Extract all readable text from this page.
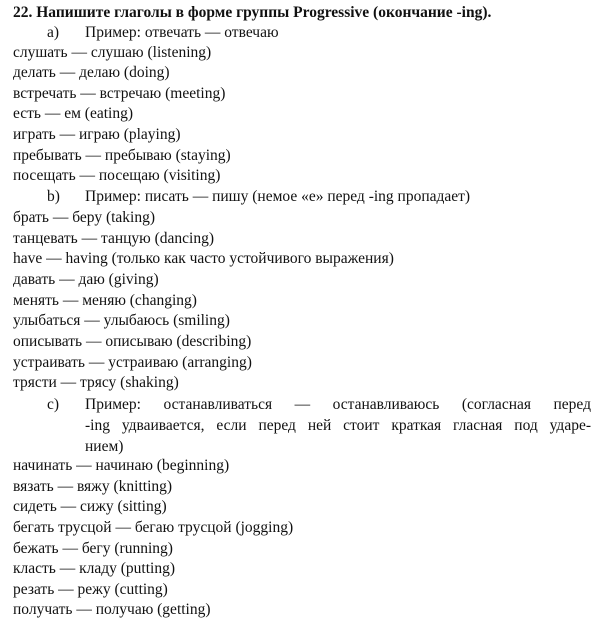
22. Напишите глаголы в форме группы Progressive (окончание -ing).
a) Пример: отвечать — отвечаю
слушать — слушаю (listening)
делать — делаю (doing)
встречать — встречаю (meeting)
есть — ем (eating)
играть — играю (playing)
пребывать — пребываю (staying)
посещать — посещаю (visiting)
b) Пример: писать — пишу (немое «e» перед -ing пропадает)
брать — беру (taking)
танцевать — танцую (dancing)
have — having (только как часто устойчивого выражения)
давать — даю (giving)
менять — меняю (changing)
улыбаться — улыбаюсь (smiling)
описывать — описываю (describing)
устраивать — устраиваю (arranging)
трясти — трясу (shaking)
c) Пример: останавливаться — останавливаюсь (согласная перед
-ing удваивается, если перед ней стоит краткая гласная под ударе-
нием)
начинать — начинаю (beginning)
вязать — вяжу (knitting)
сидеть — сижу (sitting)
бегать трусцой — бегаю трусцой (jogging)
бежать — бегу (running)
класть — кладу (putting)
резать — режу (cutting)
получать — получаю (getting)
